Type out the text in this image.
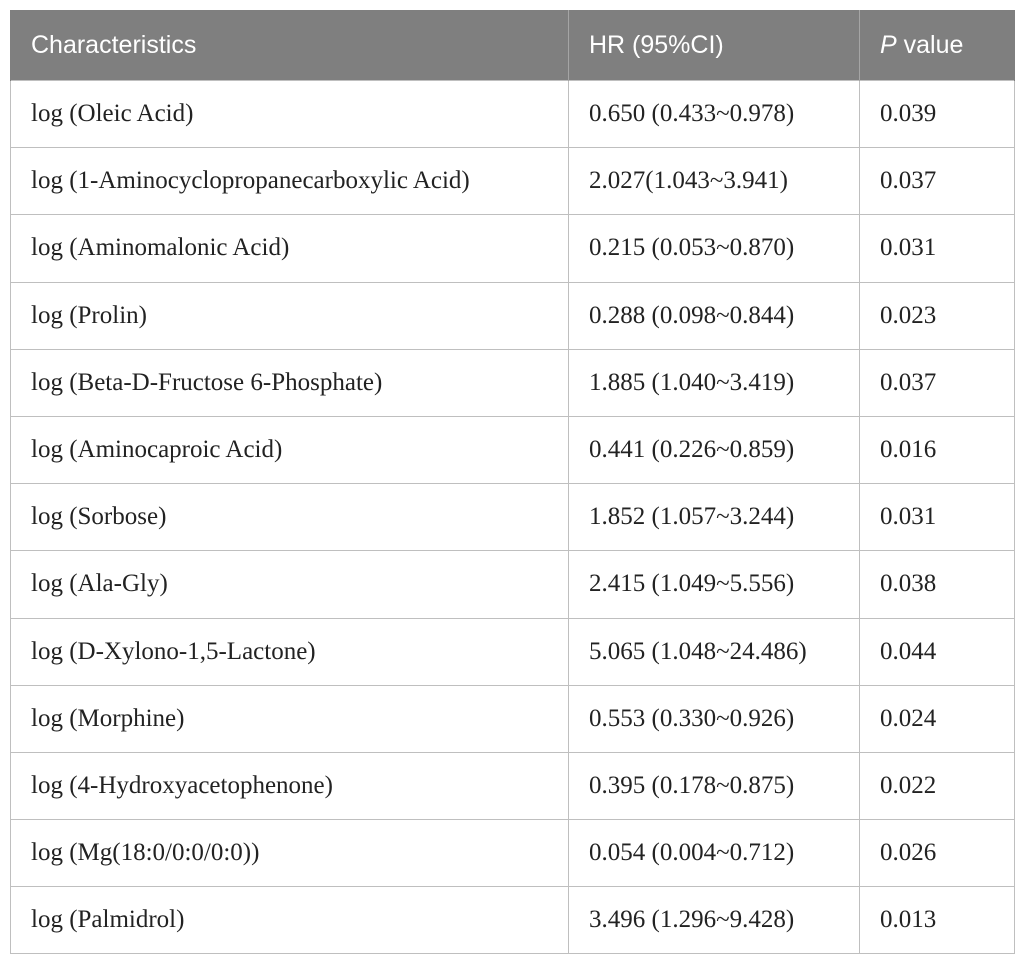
Characteristics	HR (95%CI)	P value
log (Oleic Acid)	0.650 (0.433~0.978)	0.039
log (1-Aminocyclopropanecarboxylic Acid)	2.027(1.043~3.941)	0.037
log (Aminomalonic Acid)	0.215 (0.053~0.870)	0.031
log (Prolin)	0.288 (0.098~0.844)	0.023
log (Beta-D-Fructose 6-Phosphate)	1.885 (1.040~3.419)	0.037
log (Aminocaproic Acid)	0.441 (0.226~0.859)	0.016
log (Sorbose)	1.852 (1.057~3.244)	0.031
log (Ala-Gly)	2.415 (1.049~5.556)	0.038
log (D-Xylono-1,5-Lactone)	5.065 (1.048~24.486)	0.044
log (Morphine)	0.553 (0.330~0.926)	0.024
log (4-Hydroxyacetophenone)	0.395 (0.178~0.875)	0.022
log (Mg(18:0/0:0/0:0))	0.054 (0.004~0.712)	0.026
log (Palmidrol)	3.496 (1.296~9.428)	0.013
